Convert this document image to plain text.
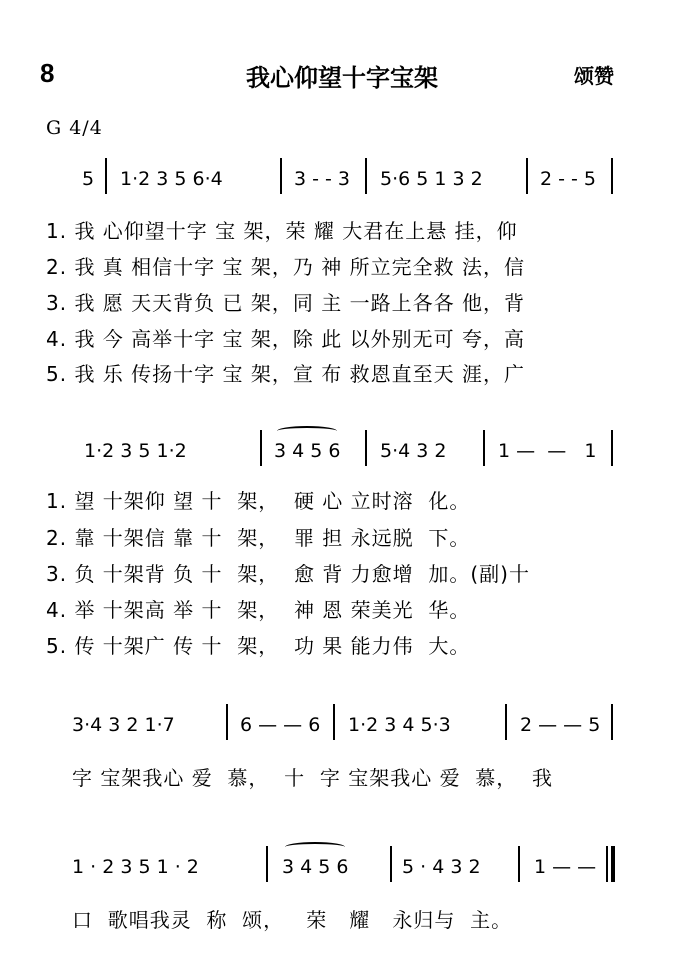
8	我心仰望十字宝架	颂赞
G 4/4
5 1·2 3 5 6·4	3 - - 3 5·6 5 1 3 2	2 - - 5
1. 我 心仰望十字 宝 架，荣 耀 大君在上悬 挂，仰
2. 我 真 相信十字 宝 架，乃 神 所立完全救 法，信
3. 我 愿 天天背负 已 架，同 主 一路上各各 他，背
4. 我 今 高举十字 宝 架，除 此 以外别无可 夸，高
5. 我 乐 传扬十字 宝 架，宣 布 救恩直至天 涯，广
1·2 3 5 1·2	3 4 5 6 5·4 3 2	1 —  —   1
1. 望 十架仰 望 十  架，  硬 心 立时溶  化。
2. 靠 十架信 靠 十  架，  罪 担 永远脱  下。
3. 负 十架背 负 十  架，  愈 背 力愈增  加。(副)十
4. 举 十架高 举 十  架，  神 恩 荣美光  华。
5. 传 十架广 传 十  架，  功 果 能力伟  大。
3·4 3 2 1·7	6 — — 6 1·2 3 4 5·3	2 — — 5
字 宝架我心 爱  慕，  十  字 宝架我心 爱  慕，  我
1 · 2 3 5 1 · 2	3 4 5 6	5 · 4 3 2	1 — —
口  歌唱我灵  称  颂，   荣   耀   永归与  主。
